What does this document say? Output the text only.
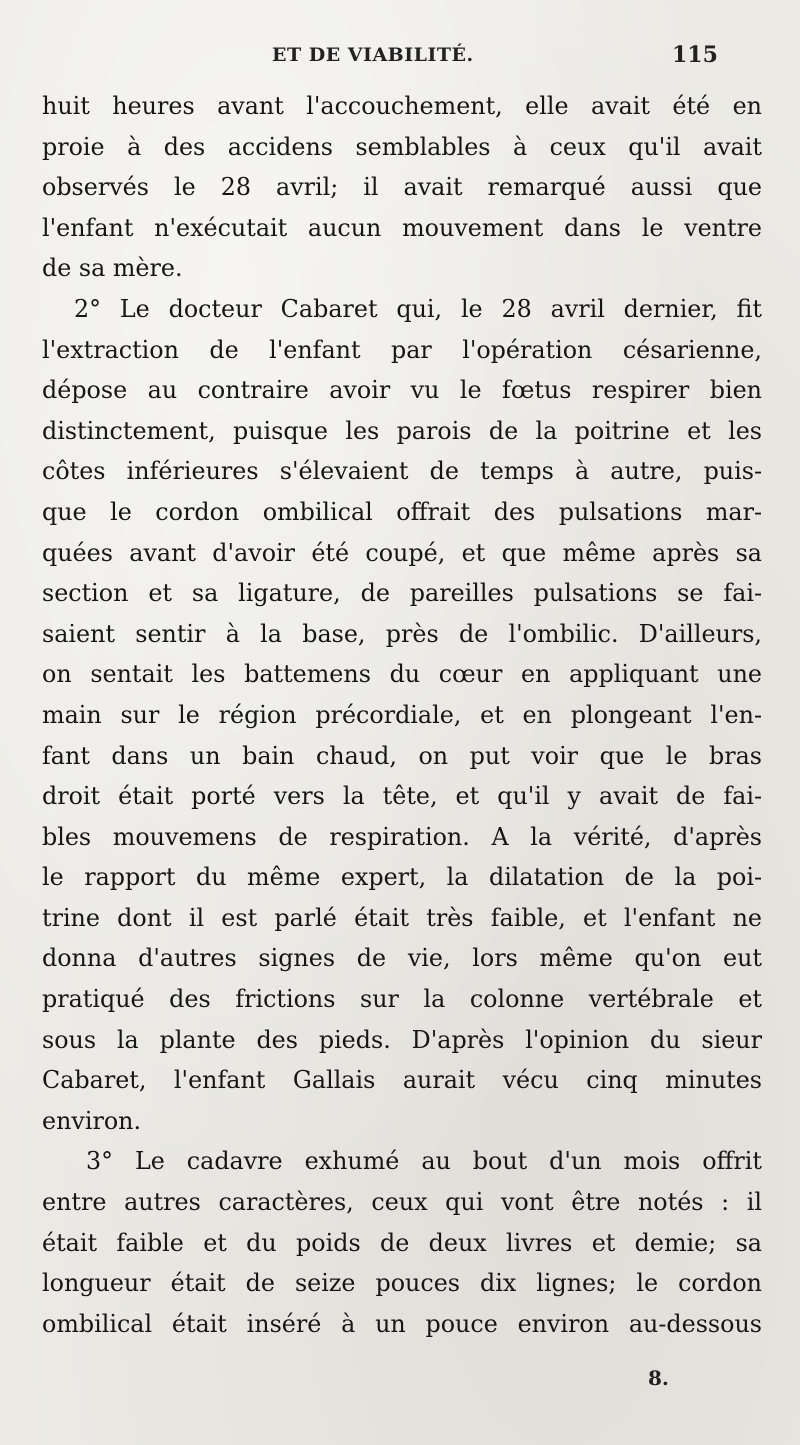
ET DE VIABILITÉ.	115
huit heures avant l'accouchement, elle avait été en
proie à des accidens semblables à ceux qu'il avait
observés le 28 avril; il avait remarqué aussi que
l'enfant n'exécutait aucun mouvement dans le ventre
de sa mère.
2° Le docteur Cabaret qui, le 28 avril dernier, fit
l'extraction de l'enfant par l'opération césarienne,
dépose au contraire avoir vu le fœtus respirer bien
distinctement, puisque les parois de la poitrine et les
côtes inférieures s'élevaient de temps à autre, puis-
que le cordon ombilical offrait des pulsations mar-
quées avant d'avoir été coupé, et que même après sa
section et sa ligature, de pareilles pulsations se fai-
saient sentir à la base, près de l'ombilic. D'ailleurs,
on sentait les battemens du cœur en appliquant une
main sur le région précordiale, et en plongeant l'en-
fant dans un bain chaud, on put voir que le bras
droit était porté vers la tête, et qu'il y avait de fai-
bles mouvemens de respiration. A la vérité, d'après
le rapport du même expert, la dilatation de la poi-
trine dont il est parlé était très faible, et l'enfant ne
donna d'autres signes de vie, lors même qu'on eut
pratiqué des frictions sur la colonne vertébrale et
sous la plante des pieds. D'après l'opinion du sieur
Cabaret, l'enfant Gallais aurait vécu cinq minutes
environ.
3° Le cadavre exhumé au bout d'un mois offrit
entre autres caractères, ceux qui vont être notés : il
était faible et du poids de deux livres et demie; sa
longueur était de seize pouces dix lignes; le cordon
ombilical était inséré à un pouce environ au-dessous
8.
